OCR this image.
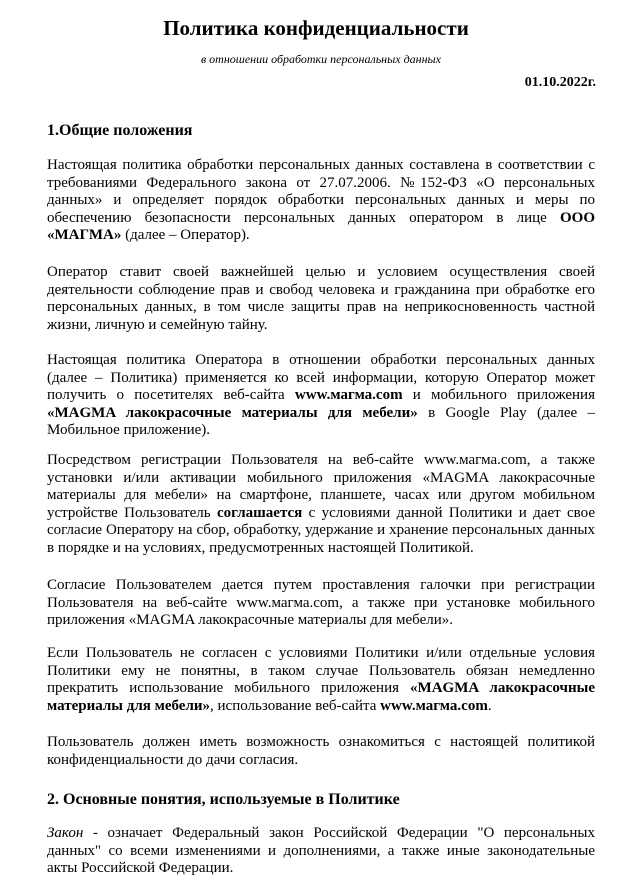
Политика конфиденциальности
в отношении обработки персональных данных
01.10.2022г.
1.Общие положения
Настоящая политика обработки персональных данных составлена в соответствии с требованиями Федерального закона от 27.07.2006. №152-ФЗ «О персональных данных» и определяет порядок обработки персональных данных и меры по обеспечению безопасности персональных данных оператором в лице ООО «МАГМА» (далее – Оператор).
Оператор ставит своей важнейшей целью и условием осуществления своей деятельности соблюдение прав и свобод человека и гражданина при обработке его персональных данных, в том числе защиты прав на неприкосновенность частной жизни, личную и семейную тайну.
Настоящая политика Оператора в отношении обработки персональных данных (далее – Политика) применяется ко всей информации, которую Оператор может получить о посетителях веб-сайта www.магма.com и мобильного приложения «MAGMA лакокрасочные материалы для мебели» в Google Play (далее – Мобильное приложение).
Посредством регистрации Пользователя на веб-сайте www.магма.com, а также установки и/или активации мобильного приложения «MAGMA лакокрасочные материалы для мебели» на смартфоне, планшете, часах или другом мобильном устройстве Пользователь соглашается с условиями данной Политики и дает свое согласие Оператору на сбор, обработку, удержание и хранение персональных данных в порядке и на условиях, предусмотренных настоящей Политикой.
Согласие Пользователем дается путем проставления галочки при регистрации Пользователя на веб-сайте www.магма.com, а также при установке мобильного приложения «MAGMA лакокрасочные материалы для мебели».
Если Пользователь не согласен с условиями Политики и/или отдельные условия Политики ему не понятны, в таком случае Пользователь обязан немедленно прекратить использование мобильного приложения «MAGMA лакокрасочные материалы для мебели», использование веб-сайта www.магма.com.
Пользователь должен иметь возможность ознакомиться с настоящей политикой конфиденциальности до дачи согласия.
2. Основные понятия, используемые в Политике
Закон - означает Федеральный закон Российской Федерации "О персональных данных" со всеми изменениями и дополнениями, а также иные законодательные акты Российской Федерации.
